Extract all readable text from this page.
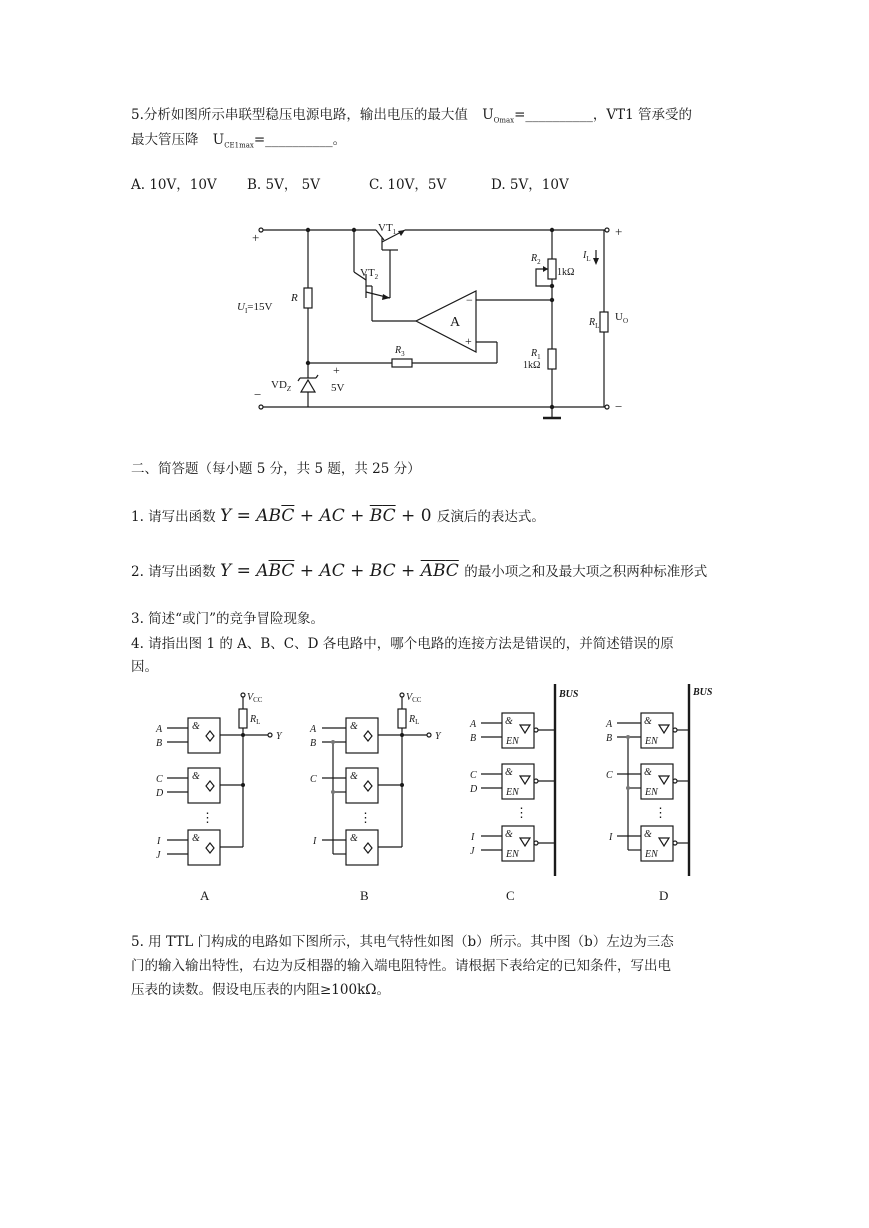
5.分析如图所示串联型稳压电源电路，输出电压的最大值 $U_{Omax}=\_\_\_\_\_\_\_\_\_\_$，VT1 管承受的
最大管压降 $U_{CE1max}=\_\_\_\_\_\_\_\_\_\_$。
A. 10V，10V B. 5V， 5V	C. 10V，5V	D. 5V，10V
+
−
$VT_1$
$VT_2$
$U_I=15V$
R
$VD_Z$
+
5V
$R_3$
A
−
+
$R_2$
1kΩ
$R_1$
1kΩ
$I_L$
$R_L$
$U_O$
+
−
二、简答题（每小题 5 分，共 5 题，共 25 分）
1. 请写出函数 $Y = AB\overline{C}$ + AC + $\overline{B}\overline{C} + 0$ 反演后的表达式。
2. 请写出函数 $Y = A\overline{B}\overline{C}$ + AC + BC + $\overline{AB}\overline{C}$ 的最小项之和及最大项之积两种标准形式
3. 简述“或门”的竞争冒险现象。
4. 请指出图 1 的 A、B、C、D 各电路中，哪个电路的连接方法是错误的，并简述错误的原
因。
&
&
&
&
&
&
&
&
&
&
&
&
EN
EN
EN
EN
EN
EN
A
B
C
D
I
J
A
B
C
I
A
B
C
D
I
J
A
B
C
I
Y	Y
BUS	BUS
$V_{CC}$
$R_L$
$V_{CC}$
$R_L$
⋮	⋮	⋮	⋮
A	B	C	D
5. 用 TTL 门构成的电路如下图所示，其电气特性如图（b）所示。其中图（b）左边为三态
门的输入输出特性，右边为反相器的输入端电阻特性。请根据下表给定的已知条件，写出电
压表的读数。假设电压表的内阻≥100kΩ。
